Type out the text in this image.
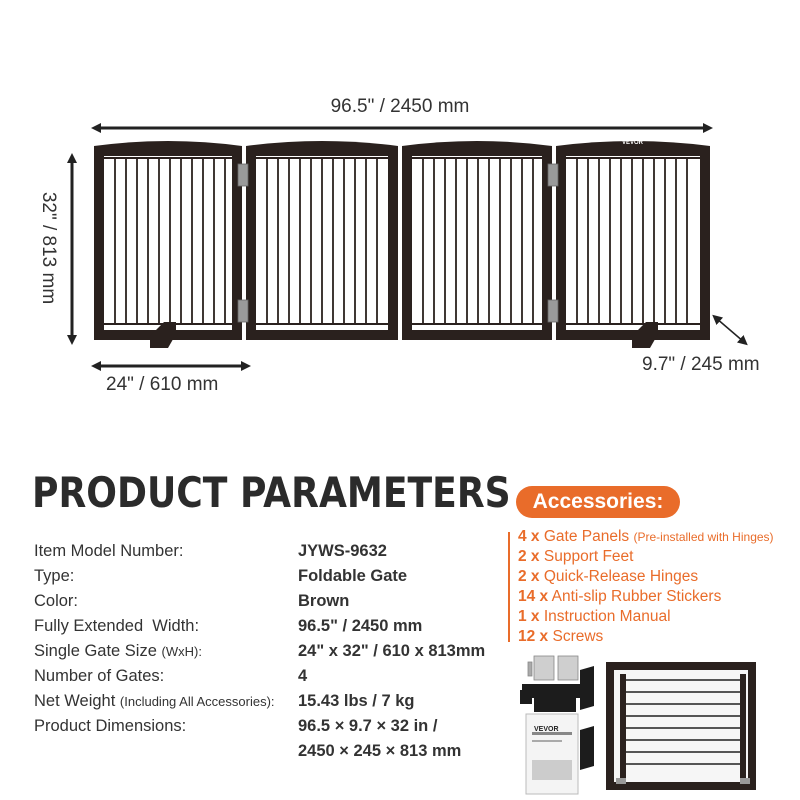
VEVOR
96.5" / 2450 mm
32" / 813 mm
24" / 610 mm
9.7" / 245 mm
PRODUCT PARAMETERS
Item Model Number:	JYWS-9632
Type:	Foldable Gate
Color:	Brown
Fully Extended  Width:	96.5" / 2450 mm
Single Gate Size (WxH):	24" x 32" / 610 x 813mm
Number of Gates:	4
Net Weight (Including All Accessories): 15.43 lbs / 7 kg
Product Dimensions:	96.5 × 9.7 × 32 in /
2450 × 245 × 813 mm
Accessories:
4 x Gate Panels (Pre-installed with Hinges)
2 x Support Feet
2 x Quick-Release Hinges
14 x Anti-slip Rubber Stickers
1 x Instruction Manual
12 x Screws
VEVOR
